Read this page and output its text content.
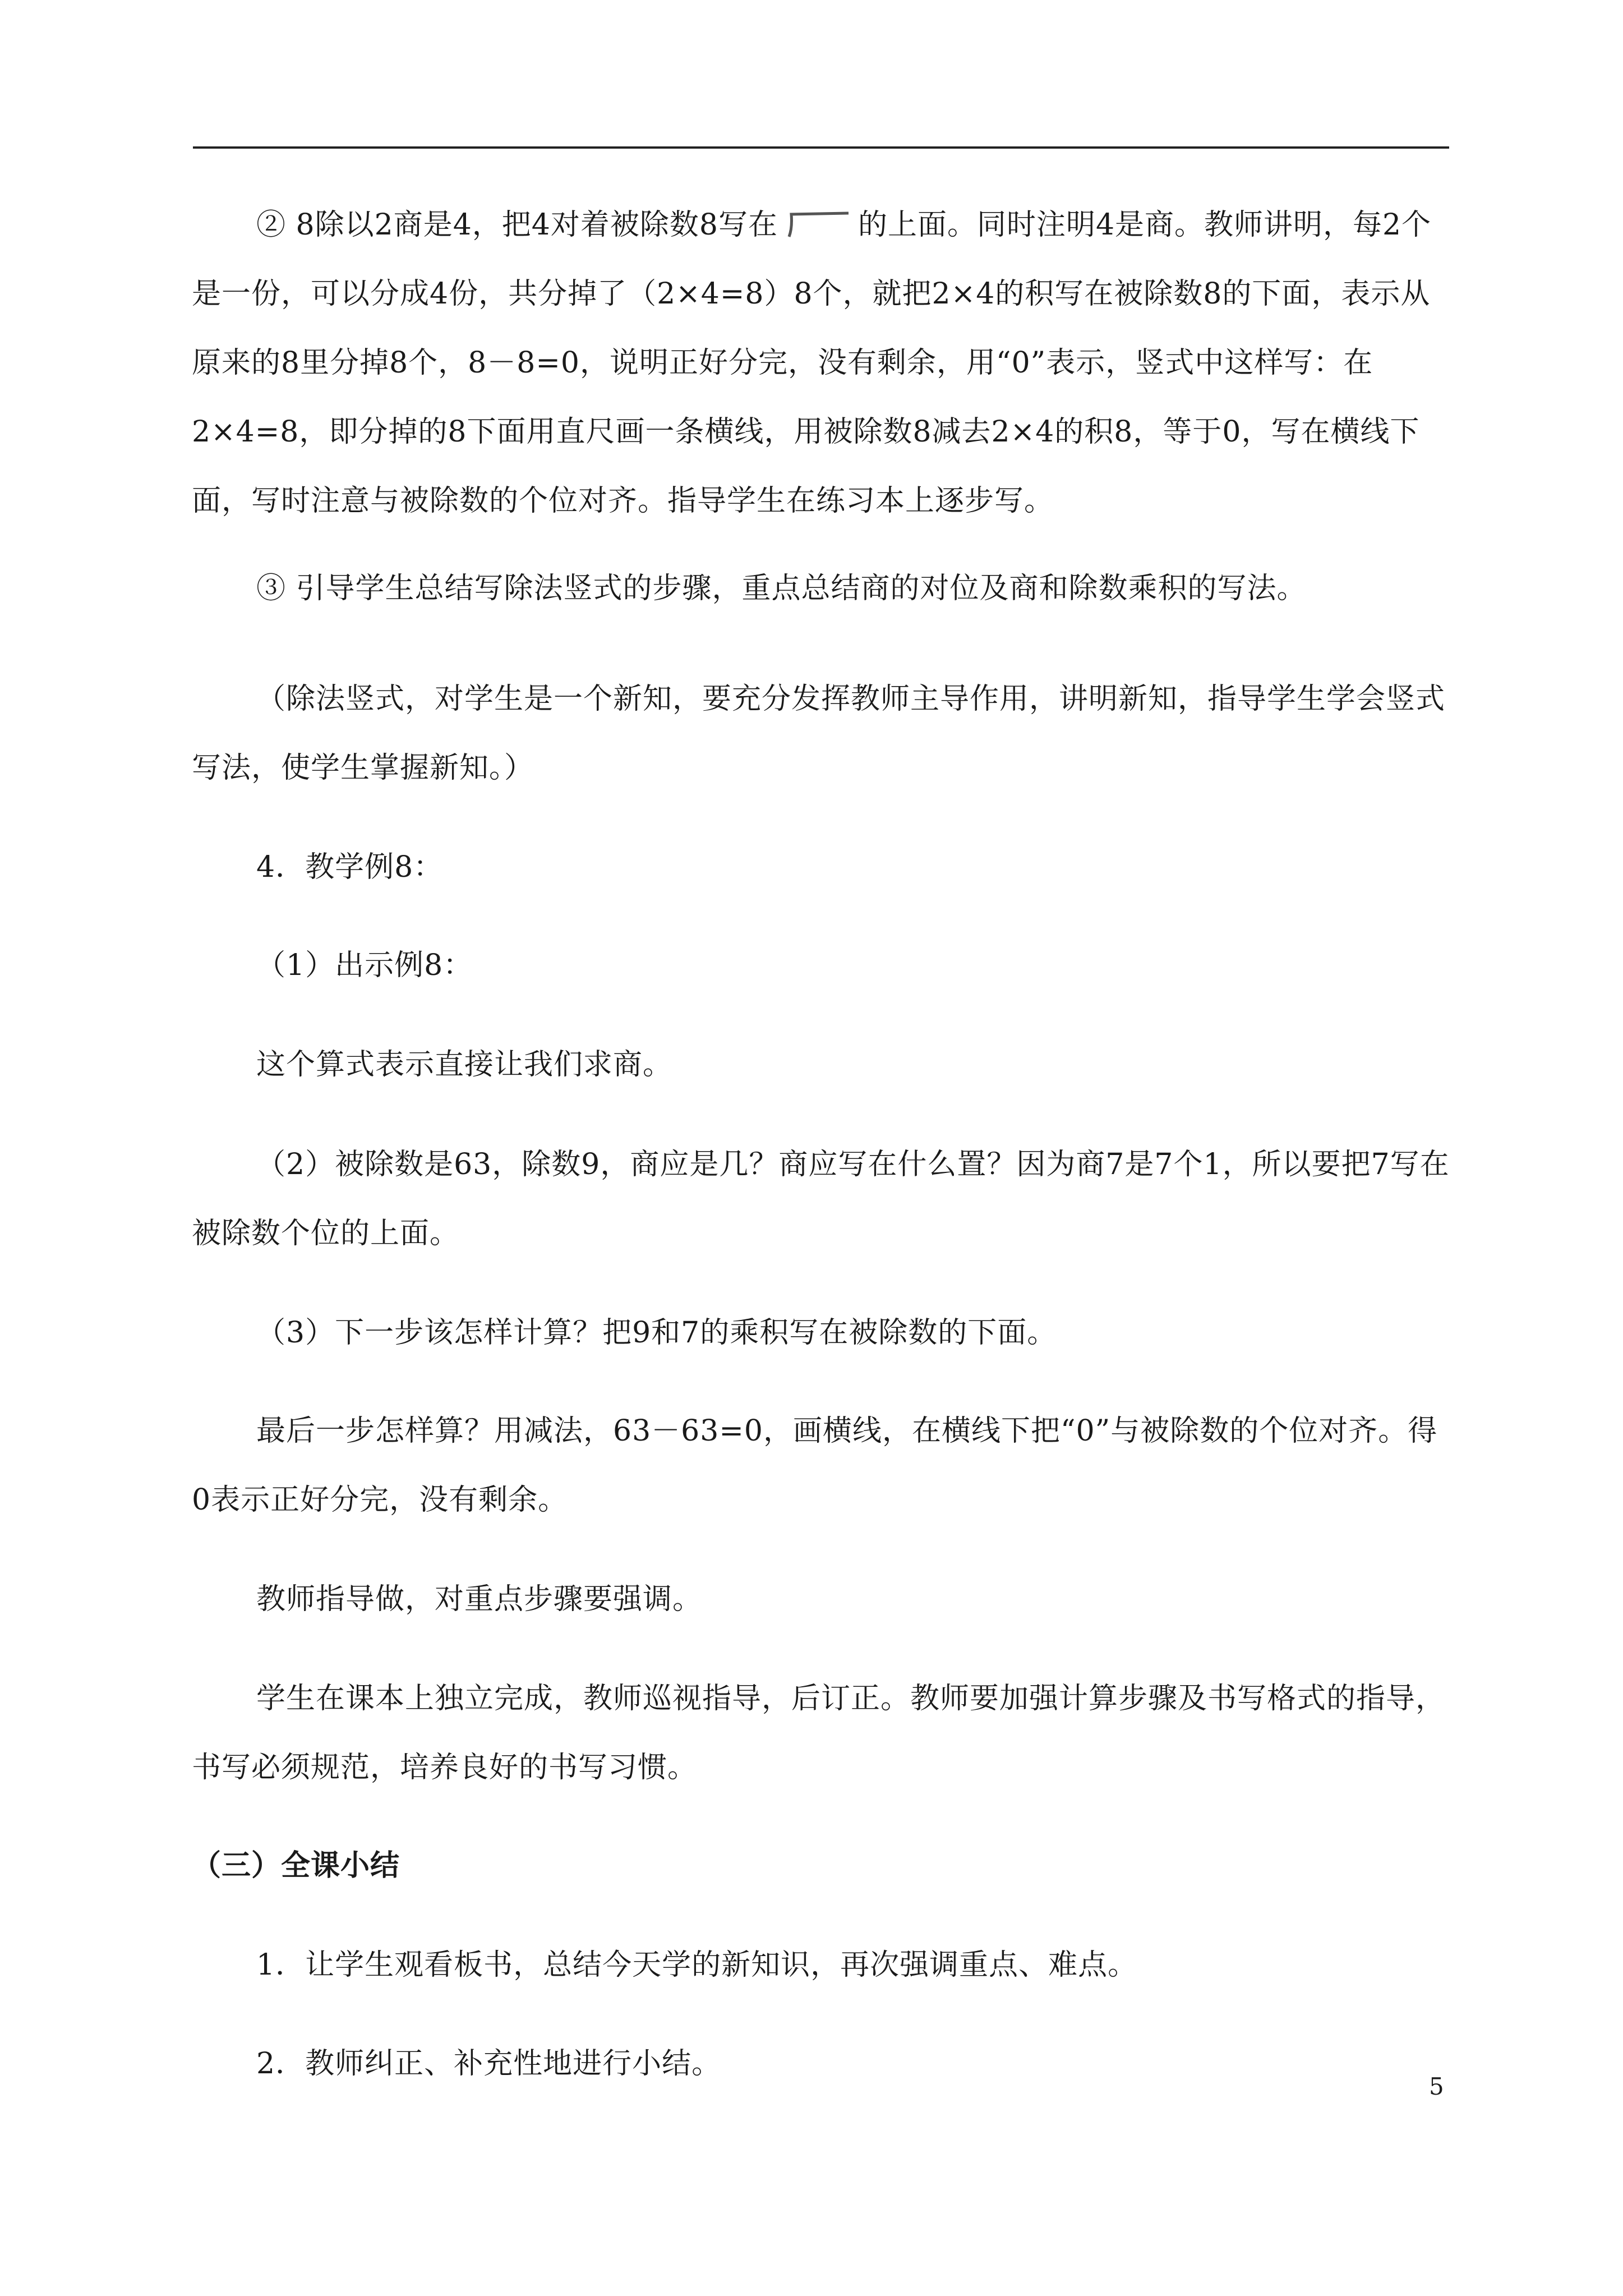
② 8除以2商是4，把4对着被除数8写在	的上面。同时注明4是商。教师讲明，每2个是一份，可以分成4份，共分掉了（2×4=8）8个，就把2×4的积写在被除数8的下面，表示从原来的8里分掉8个，8－8=0，说明正好分完，没有剩余，用“0”表示，竖式中这样写：在2×4=8，即分掉的8下面用直尺画一条横线，用被除数8减去2×4的积8，等于0，写在横线下面，写时注意与被除数的个位对齐。指导学生在练习本上逐步写。

③ 引导学生总结写除法竖式的步骤，重点总结商的对位及商和除数乘积的写法。

（除法竖式，对学生是一个新知，要充分发挥教师主导作用，讲明新知，指导学生学会竖式写法，使学生掌握新知。）

4．教学例8：

（1）出示例8：

这个算式表示直接让我们求商。

（2）被除数是63，除数9，商应是几？商应写在什么置？因为商7是7个1，所以要把7写在被除数个位的上面。

（3）下一步该怎样计算？把9和7的乘积写在被除数的下面。

最后一步怎样算？用减法，63－63=0，画横线，在横线下把“0”与被除数的个位对齐。得0表示正好分完，没有剩余。

教师指导做，对重点步骤要强调。

学生在课本上独立完成，教师巡视指导，后订正。教师要加强计算步骤及书写格式的指导，书写必须规范，培养良好的书写习惯。

（三）全课小结

1．让学生观看板书，总结今天学的新知识，再次强调重点、难点。

2．教师纠正、补充性地进行小结。

5
